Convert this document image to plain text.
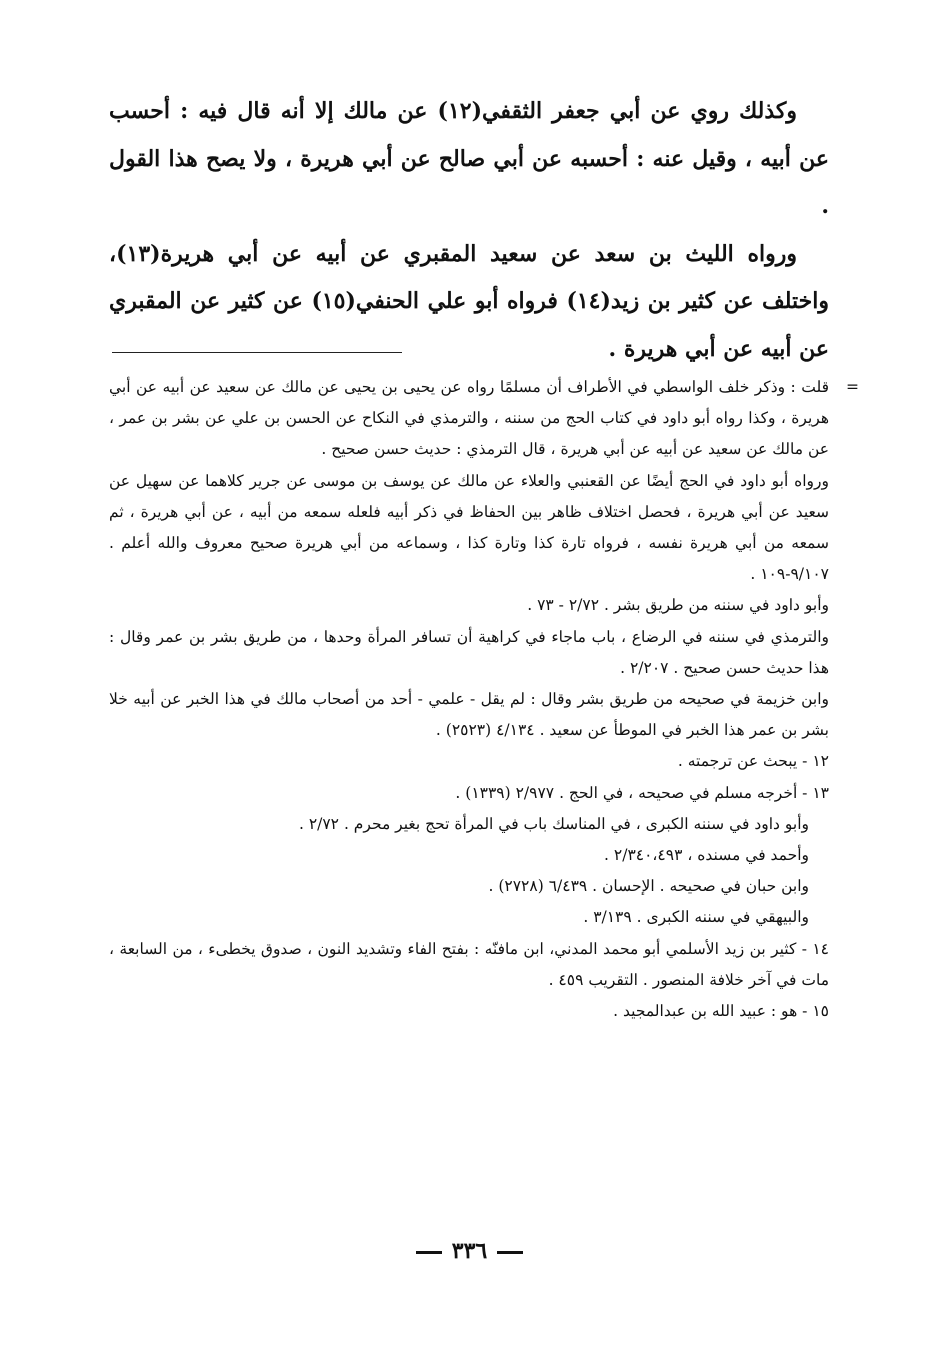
وكذلك روي عن أبي جعفر الثقفي(١٢) عن مالك إلا أنه قال فيه : أحسب عن أبيه ، وقيل عنه : أحسبه عن أبي صالح عن أبي هريرة ، ولا يصح هذا القول .

ورواه الليث بن سعد عن سعيد المقبري عن أبيه عن أبي هريرة(١٣)، واختلف عن كثير بن زيد(١٤) فرواه أبو علي الحنفي(١٥) عن كثير عن المقبري عن أبيه عن أبي هريرة .

=
قلت : وذكر خلف الواسطي في الأطراف أن مسلمًا رواه عن يحيى بن يحيى عن مالك عن سعيد عن أبيه عن أبي هريرة ، وكذا رواه أبو داود في كتاب الحج من سننه ، والترمذي في النكاح عن الحسن بن علي عن بشر بن عمر ، عن مالك عن سعيد عن أبيه عن أبي هريرة ، قال الترمذي : حديث حسن صحيح .

ورواه أبو داود في الحج أيضًا عن القعنبي والعلاء عن مالك عن يوسف بن موسى عن جرير كلاهما عن سهيل عن سعيد عن أبي هريرة ، فحصل اختلاف ظاهر بين الحفاظ في ذكر أبيه فلعله سمعه من أبيه ، عن أبي هريرة ، ثم سمعه من أبي هريرة نفسه ، فرواه تارة كذا وتارة كذا ، وسماعه من أبي هريرة صحيح معروف والله أعلم . ٩/١٠٧-١٠٩ .

وأبو داود في سننه من طريق بشر . ٢/٧٢ - ٧٣ .

والترمذي في سننه في الرضاع ، باب ماجاء في كراهية أن تسافر المرأة وحدها ، من طريق بشر بن عمر وقال : هذا حديث حسن صحيح . ٢/٢٠٧ .

وابن خزيمة في صحيحه من طريق بشر وقال : لم يقل - علمي - أحد من أصحاب مالك في هذا الخبر عن أبيه خلا بشر بن عمر هذا الخبر في الموطأ عن سعيد . ٤/١٣٤ (٢٥٢٣) .

١٢ - يبحث عن ترجمته .

١٣ - أخرجه مسلم في صحيحه ، في الحج . ٢/٩٧٧ (١٣٣٩) .

وأبو داود في سننه الكبرى ، في المناسك باب في المرأة تحج بغير محرم . ٢/٧٢ .

وأحمد في مسنده ، ٢/٣٤٠،٤٩٣ .

وابن حبان في صحيحه . الإحسان . ٦/٤٣٩ (٢٧٢٨) .

والبيهقي في سننه الكبرى . ٣/١٣٩ .

١٤ - كثير بن زيد الأسلمي أبو محمد المدني، ابن مافنّه : بفتح الفاء وتشديد النون ، صدوق يخطىء ، من السابعة ، مات في آخر خلافة المنصور . التقريب ٤٥٩ .

١٥ - هو : عبيد الله بن عبدالمجيد .

٣٣٦
